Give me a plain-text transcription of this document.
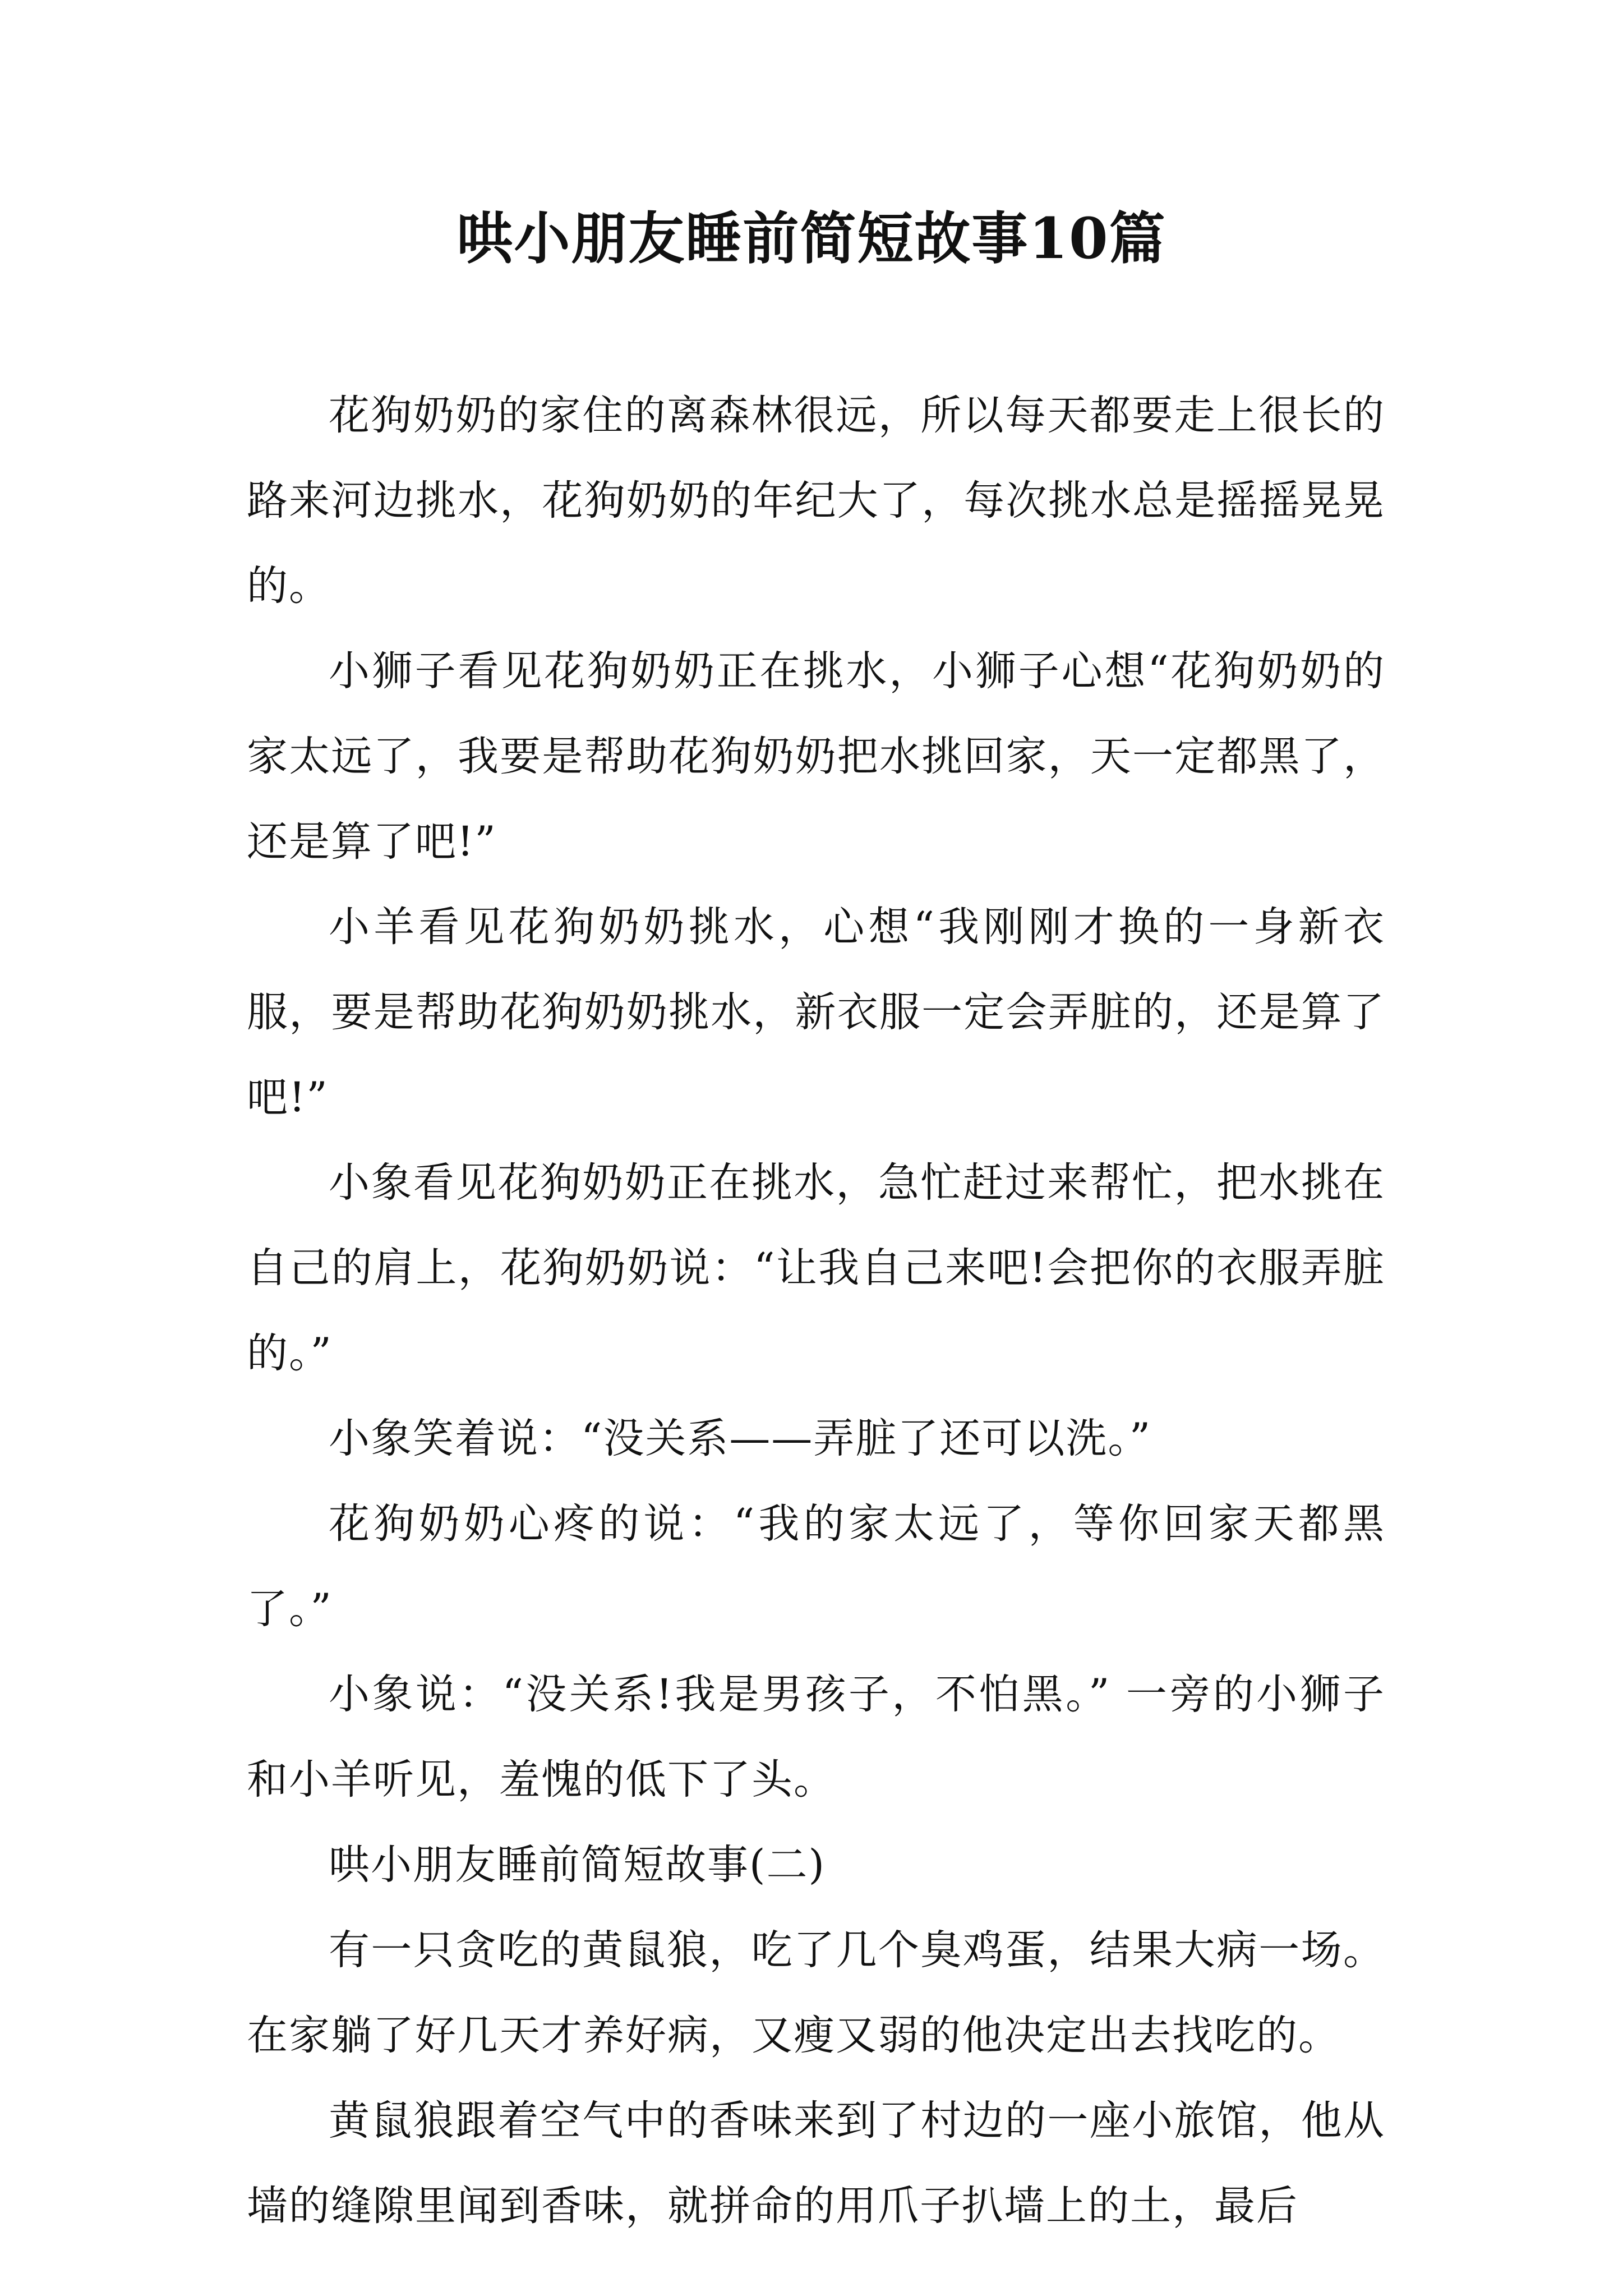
哄小朋友睡前简短故事10篇

花狗奶奶的家住的离森林很远，所以每天都要走上很长的路来河边挑水，花狗奶奶的年纪大了，每次挑水总是摇摇晃晃的。

小狮子看见花狗奶奶正在挑水，小狮子心想“花狗奶奶的家太远了，我要是帮助花狗奶奶把水挑回家，天一定都黑了，还是算了吧!”

小羊看见花狗奶奶挑水，心想“我刚刚才换的一身新衣服，要是帮助花狗奶奶挑水，新衣服一定会弄脏的，还是算了吧!”

小象看见花狗奶奶正在挑水，急忙赶过来帮忙，把水挑在自己的肩上，花狗奶奶说：“让我自己来吧!会把你的衣服弄脏的。”

小象笑着说：“没关系——弄脏了还可以洗。”

花狗奶奶心疼的说：“我的家太远了，等你回家天都黑了。”

小象说：“没关系!我是男孩子，不怕黑。” 一旁的小狮子和小羊听见，羞愧的低下了头。

哄小朋友睡前简短故事(二)

有一只贪吃的黄鼠狼，吃了几个臭鸡蛋，结果大病一场。在家躺了好几天才养好病，又瘦又弱的他决定出去找吃的。

黄鼠狼跟着空气中的香味来到了村边的一座小旅馆，他从墙的缝隙里闻到香味，就拼命的用爪子扒墙上的土，最后
